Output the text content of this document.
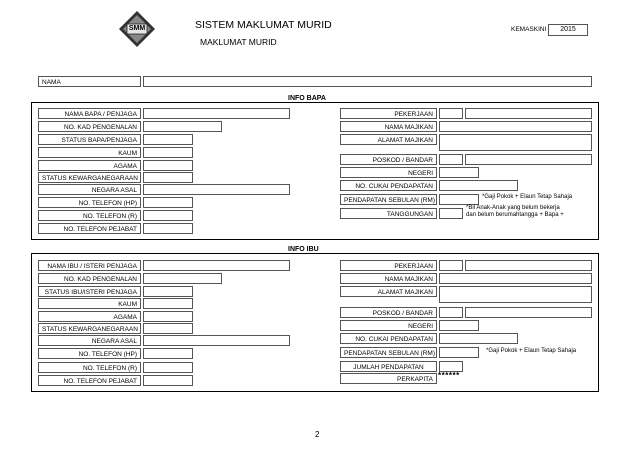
SMM	SISTEM MAKLUMAT MURID
MAKLUMAT MURID
KEMASKINI	2015
NAMA
INFO BAPA
NAMA BAPA / PENJAGA
NO. KAD PENGENALAN
STATUS BAPA/PENJAGA
KAUM
AGAMA
STATUS KEWARGANEGARAAN
NEGARA ASAL
NO. TELEFON (HP)
NO. TELEFON (R)
NO. TELEFON PEJABAT
PEKERJAAN
NAMA MAJIKAN
ALAMAT MAJIKAN
POSKOD / BANDAR
NEGERI
NO. CUKAI PENDAPATAN
PENDAPATAN SEBULAN (RM)	*Gaji Pokok + Elaun Tetap Sahaja
TANGGUNGAN
*Bil Anak-Anak yang belum bekerja
dan belum berumahtangga + Bapa +
INFO IBU
NAMA IBU / ISTERI PENJAGA
NO. KAD PENGENALAN
STATUS IBU/ISTERI PENJAGA
KAUM
AGAMA
STATUS KEWARGANEGARAAN
NEGARA ASAL
NO. TELEFON (HP)
NO. TELEFON (R)
NO. TELEFON PEJABAT
PEKERJAAN
NAMA MAJIKAN
ALAMAT MAJIKAN
POSKOD / BANDAR
NEGERI
NO. CUKAI PENDAPATAN
PENDAPATAN SEBULAN (RM)	*Gaji Pokok + Elaun Tetap Sahaja
JUMLAH PENDAPATAN
PERKAPITA ******
2
